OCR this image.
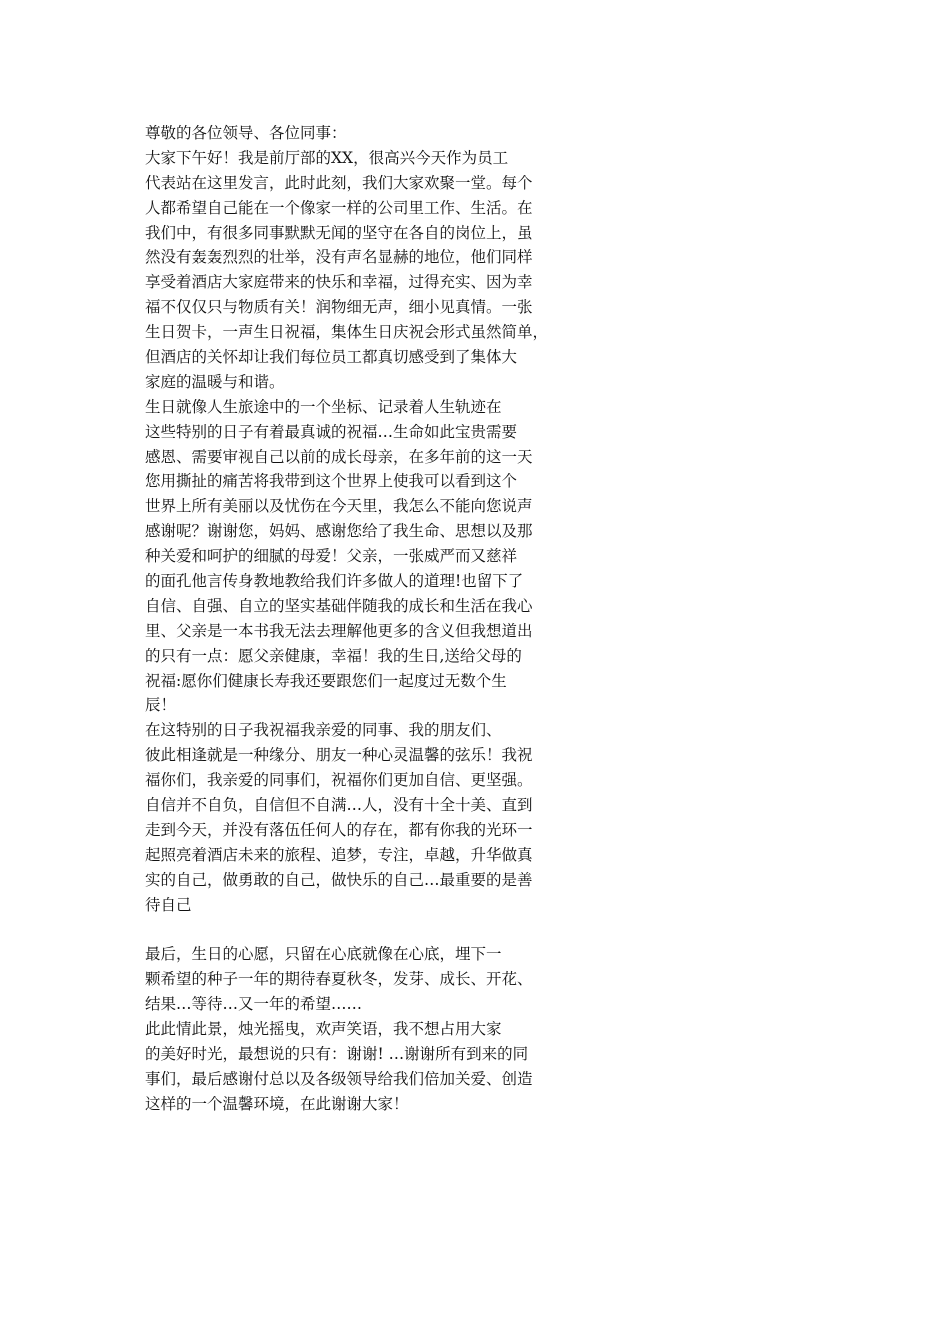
尊敬的各位领导、各位同事：
大家下午好！我是前厅部的XX，很高兴今天作为员工
代表站在这里发言，此时此刻，我们大家欢聚一堂。每个
人都希望自己能在一个像家一样的公司里工作、生活。在
我们中，有很多同事默默无闻的坚守在各自的岗位上，虽
然没有轰轰烈烈的壮举，没有声名显赫的地位，他们同样
享受着酒店大家庭带来的快乐和幸福，过得充实、因为幸
福不仅仅只与物质有关！润物细无声，细小见真情。一张
生日贺卡，一声生日祝福，集体生日庆祝会形式虽然简单，
但酒店的关怀却让我们每位员工都真切感受到了集体大
家庭的温暖与和谐。
生日就像人生旅途中的一个坐标、记录着人生轨迹在
这些特别的日子有着最真诚的祝福…生命如此宝贵需要
感恩、需要审视自己以前的成长母亲，在多年前的这一天
您用撕扯的痛苦将我带到这个世界上使我可以看到这个
世界上所有美丽以及忧伤在今天里，我怎么不能向您说声
感谢呢？谢谢您，妈妈、感谢您给了我生命、思想以及那
种关爱和呵护的细腻的母爱！父亲，一张威严而又慈祥
的面孔他言传身教地教给我们许多做人的道理!也留下了
自信、自强、自立的坚实基础伴随我的成长和生活在我心
里、父亲是一本书我无法去理解他更多的含义但我想道出
的只有一点：愿父亲健康，幸福！我的生日,送给父母的
祝福:愿你们健康长寿我还要跟您们一起度过无数个生
辰！
在这特别的日子我祝福我亲爱的同事、我的朋友们、
彼此相逢就是一种缘分、朋友一种心灵温馨的弦乐！我祝
福你们，我亲爱的同事们，祝福你们更加自信、更坚强。
自信并不自负，自信但不自满…人，没有十全十美、直到
走到今天，并没有落伍任何人的存在，都有你我的光环一
起照亮着酒店未来的旅程、追梦，专注，卓越，升华做真
实的自己，做勇敢的自己，做快乐的自己…最重要的是善
待自己
最后，生日的心愿，只留在心底就像在心底，埋下一
颗希望的种子一年的期待春夏秋冬，发芽、成长、开花、
结果…等待…又一年的希望……
此此情此景，烛光摇曳，欢声笑语，我不想占用大家
的美好时光，最想说的只有：谢谢! …谢谢所有到来的同
事们，最后感谢付总以及各级领导给我们倍加关爱、创造
这样的一个温馨环境，在此谢谢大家！
